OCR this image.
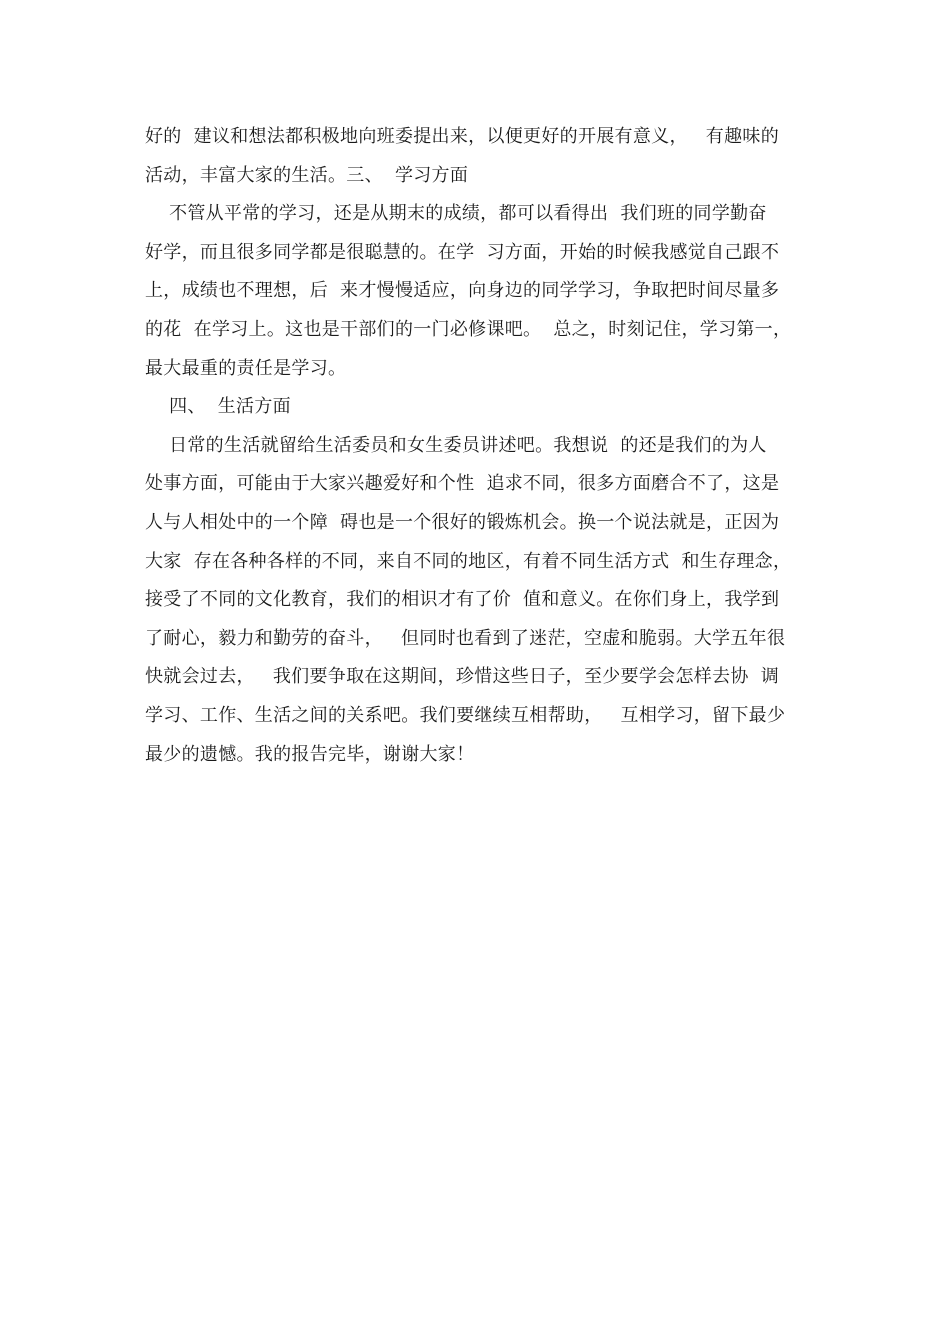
好的  建议和想法都积极地向班委提出来，以便更好的开展有意义，   有趣味的
活动，丰富大家的生活。三、  学习方面
不管从平常的学习，还是从期末的成绩，都可以看得出  我们班的同学勤奋
好学，而且很多同学都是很聪慧的。在学  习方面，开始的时候我感觉自己跟不
上，成绩也不理想，后  来才慢慢适应，向身边的同学学习，争取把时间尽量多
的花  在学习上。这也是干部们的一门必修课吧。  总之，时刻记住，学习第一，
最大最重的责任是学习。
四、  生活方面
日常的生活就留给生活委员和女生委员讲述吧。我想说  的还是我们的为人
处事方面，可能由于大家兴趣爱好和个性  追求不同，很多方面磨合不了，这是
人与人相处中的一个障  碍也是一个很好的锻炼机会。换一个说法就是，正因为
大家  存在各种各样的不同，来自不同的地区，有着不同生活方式  和生存理念，
接受了不同的文化教育，我们的相识才有了价  值和意义。在你们身上，我学到
了耐心，毅力和勤劳的奋斗，   但同时也看到了迷茫，空虚和脆弱。大学五年很
快就会过去，   我们要争取在这期间，珍惜这些日子，至少要学会怎样去协  调
学习、工作、生活之间的关系吧。我们要继续互相帮助，   互相学习，留下最少
最少的遗憾。我的报告完毕，谢谢大家！
